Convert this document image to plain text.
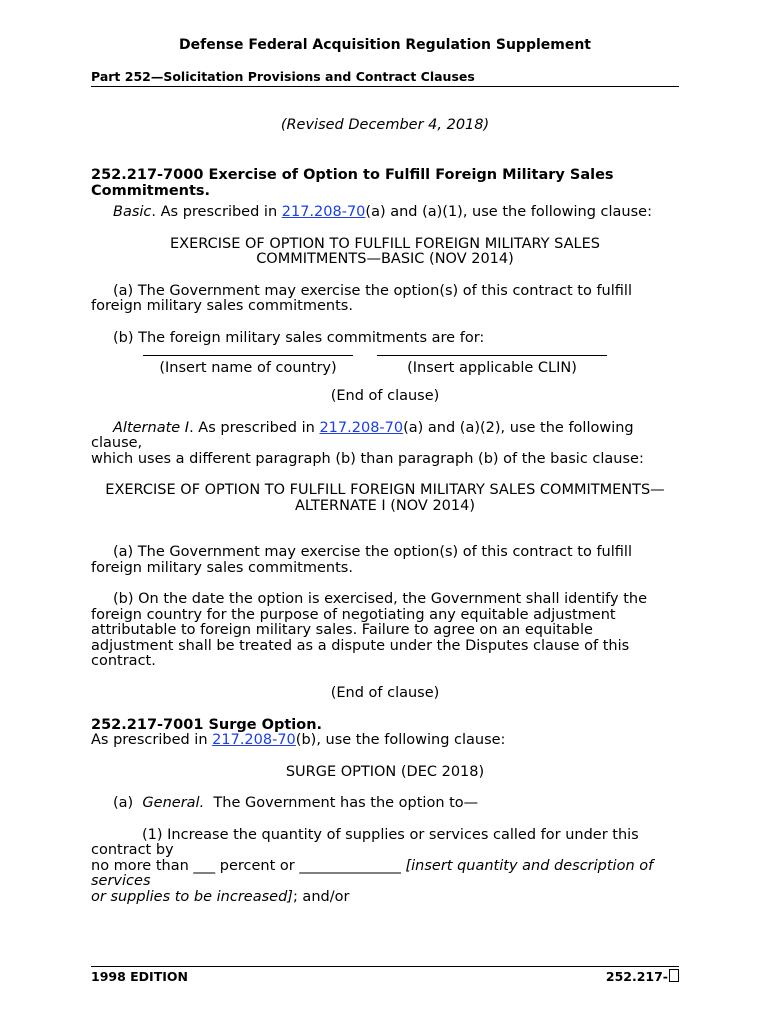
Defense Federal Acquisition Regulation Supplement

Part 252—Solicitation Provisions and Contract Clauses

(Revised December 4, 2018)

252.217-7000 Exercise of Option to Fulfill Foreign Military Sales Commitments.

Basic. As prescribed in 217.208-70(a) and (a)(1), use the following clause:

EXERCISE OF OPTION TO FULFILL FOREIGN MILITARY SALES COMMITMENTS—BASIC (NOV 2014)

(a) The Government may exercise the option(s) of this contract to fulfill foreign military sales commitments.

(b) The foreign military sales commitments are for:

(Insert name of country)	(Insert applicable CLIN)

(End of clause)

Alternate I. As prescribed in 217.208-70(a) and (a)(2), use the following clause,

which uses a different paragraph (b) than paragraph (b) of the basic clause:

EXERCISE OF OPTION TO FULFILL FOREIGN MILITARY SALES COMMITMENTS—ALTERNATE I (NOV 2014)

(a) The Government may exercise the option(s) of this contract to fulfill foreign military sales commitments.

(b) On the date the option is exercised, the Government shall identify the foreign country for the purpose of negotiating any equitable adjustment attributable to foreign military sales. Failure to agree on an equitable adjustment shall be treated as a dispute under the Disputes clause of this contract.

(End of clause)

252.217-7001 Surge Option.

As prescribed in 217.208-70(b), use the following clause:

SURGE OPTION (DEC 2018)

(a)  General.  The Government has the option to—

(1) Increase the quantity of supplies or services called for under this contract by

no more than ___ percent or ______________ [insert quantity and description of services

or supplies to be increased]; and/or

1998 EDITION	252.217-
